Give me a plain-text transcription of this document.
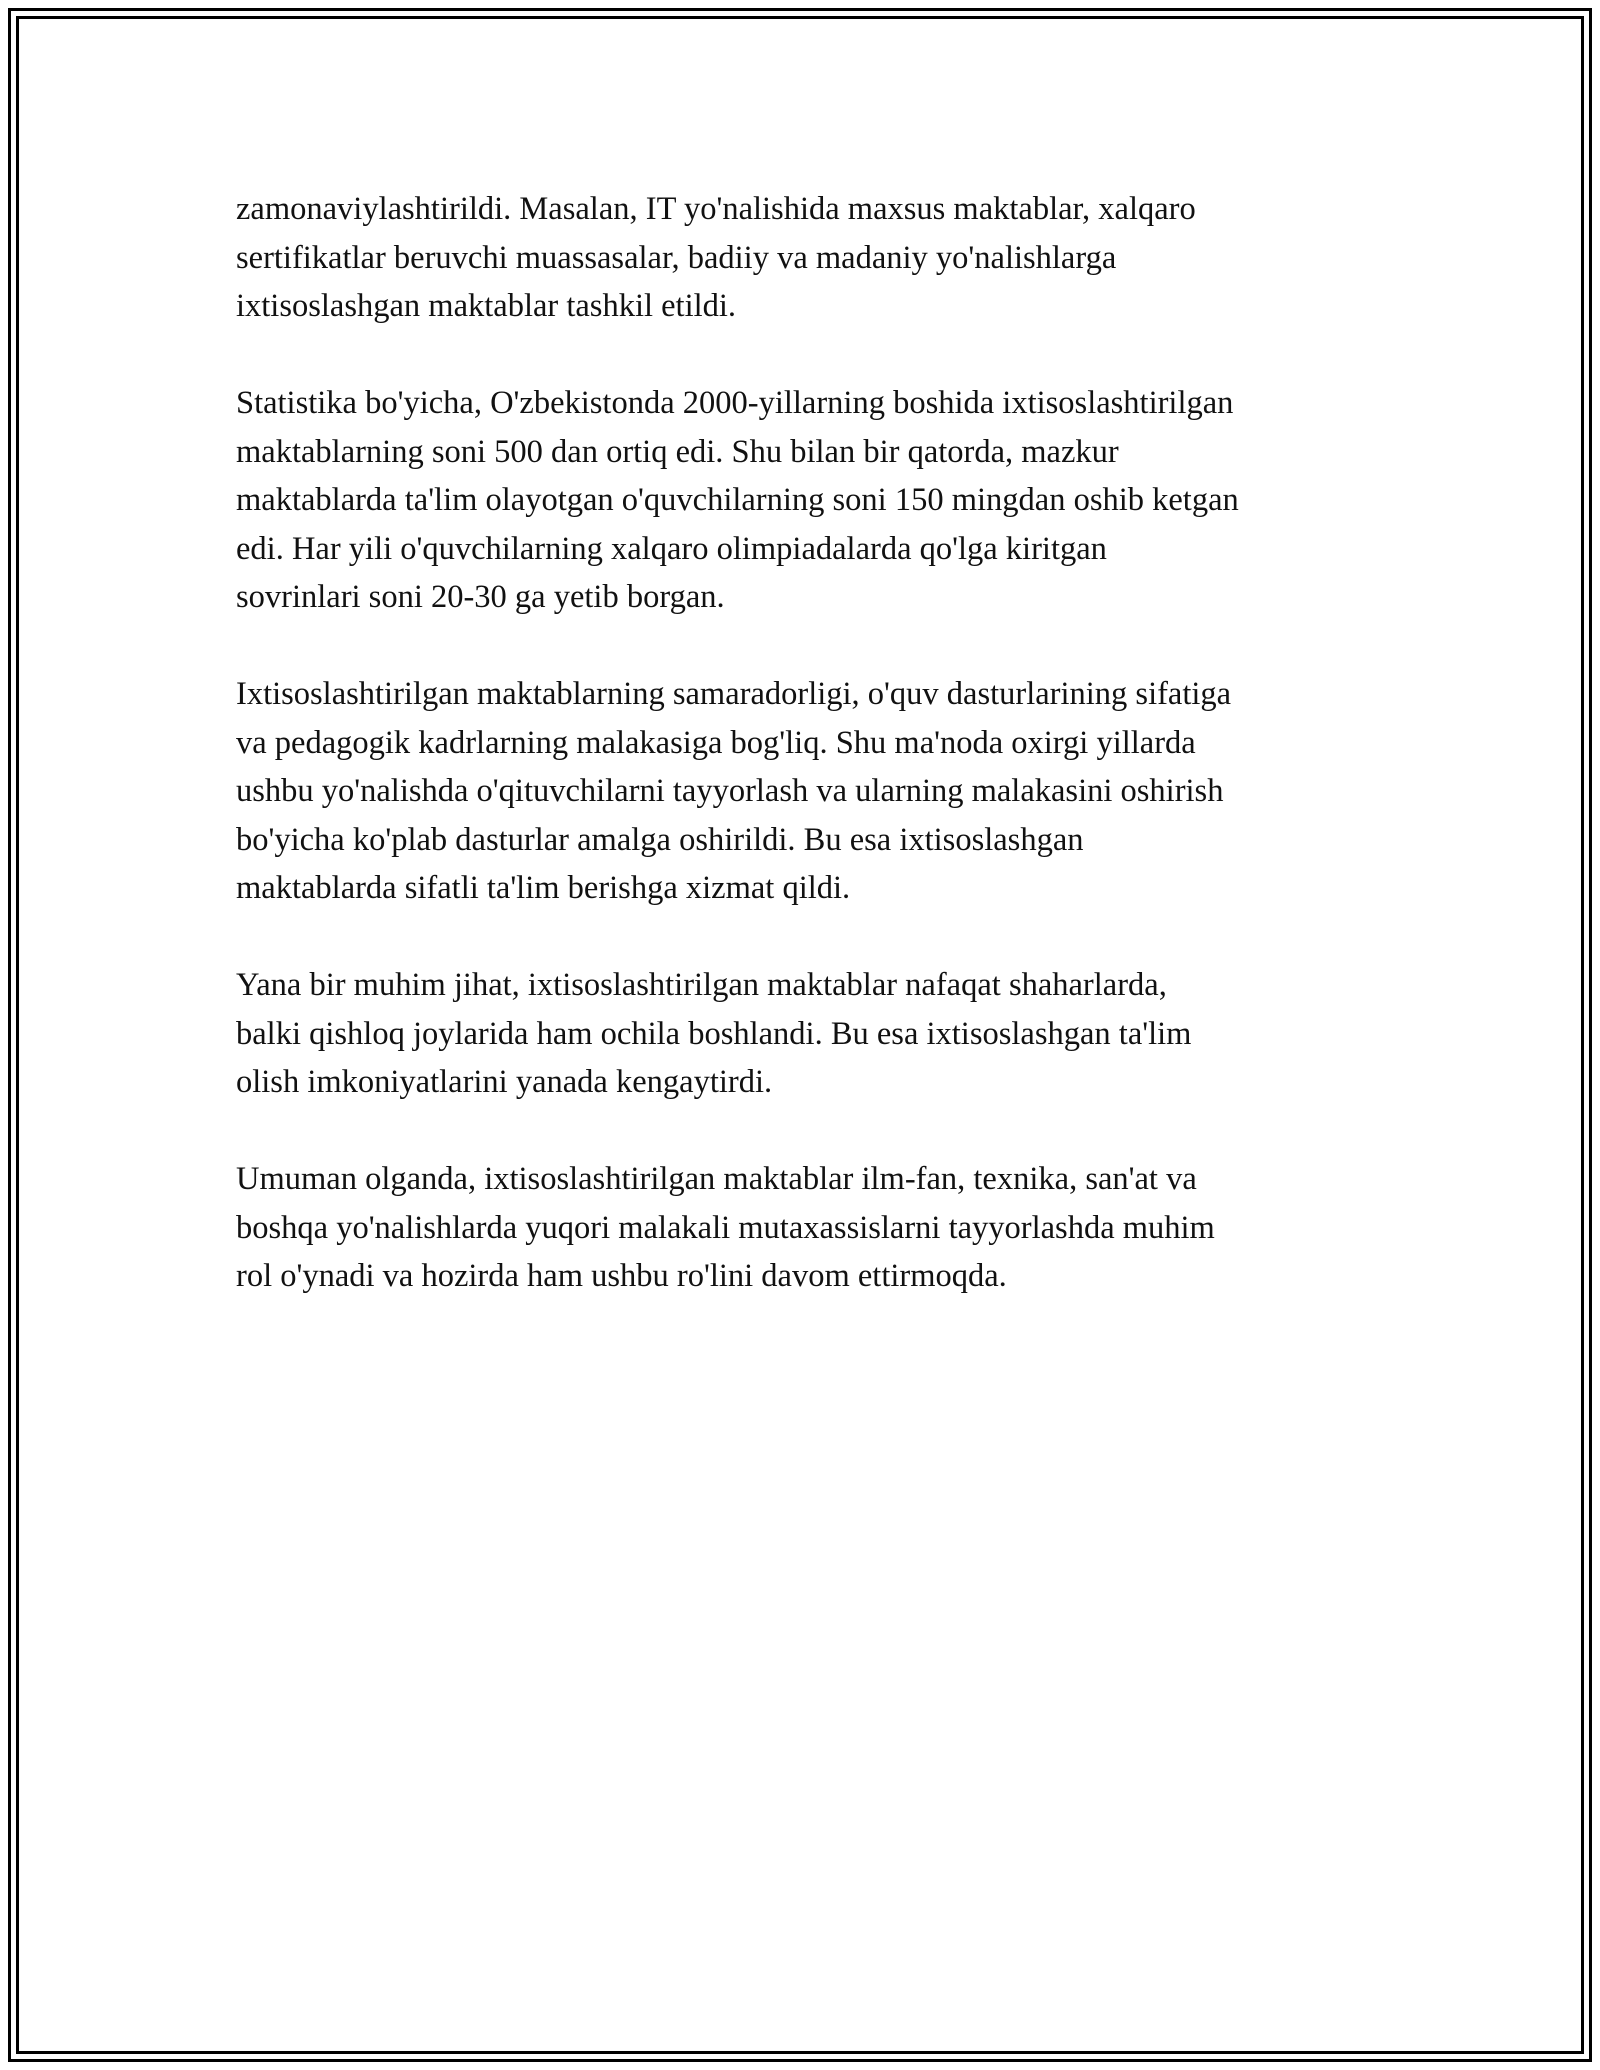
zamonaviylashtirildi. Masalan, IT yo'nalishida maxsus maktablar, xalqaro
sertifikatlar beruvchi muassasalar, badiiy va madaniy yo'nalishlarga
ixtisoslashgan maktablar tashkil etildi.

Statistika bo'yicha, O'zbekistonda 2000-yillarning boshida ixtisoslashtirilgan
maktablarning soni 500 dan ortiq edi. Shu bilan bir qatorda, mazkur
maktablarda ta'lim olayotgan o'quvchilarning soni 150 mingdan oshib ketgan
edi. Har yili o'quvchilarning xalqaro olimpiadalarda qo'lga kiritgan
sovrinlari soni 20-30 ga yetib borgan.

Ixtisoslashtirilgan maktablarning samaradorligi, o'quv dasturlarining sifatiga
va pedagogik kadrlarning malakasiga bog'liq. Shu ma'noda oxirgi yillarda
ushbu yo'nalishda o'qituvchilarni tayyorlash va ularning malakasini oshirish
bo'yicha ko'plab dasturlar amalga oshirildi. Bu esa ixtisoslashgan
maktablarda sifatli ta'lim berishga xizmat qildi.

Yana bir muhim jihat, ixtisoslashtirilgan maktablar nafaqat shaharlarda,
balki qishloq joylarida ham ochila boshlandi. Bu esa ixtisoslashgan ta'lim
olish imkoniyatlarini yanada kengaytirdi.

Umuman olganda, ixtisoslashtirilgan maktablar ilm-fan, texnika, san'at va
boshqa yo'nalishlarda yuqori malakali mutaxassislarni tayyorlashda muhim
rol o'ynadi va hozirda ham ushbu ro'lini davom ettirmoqda.
